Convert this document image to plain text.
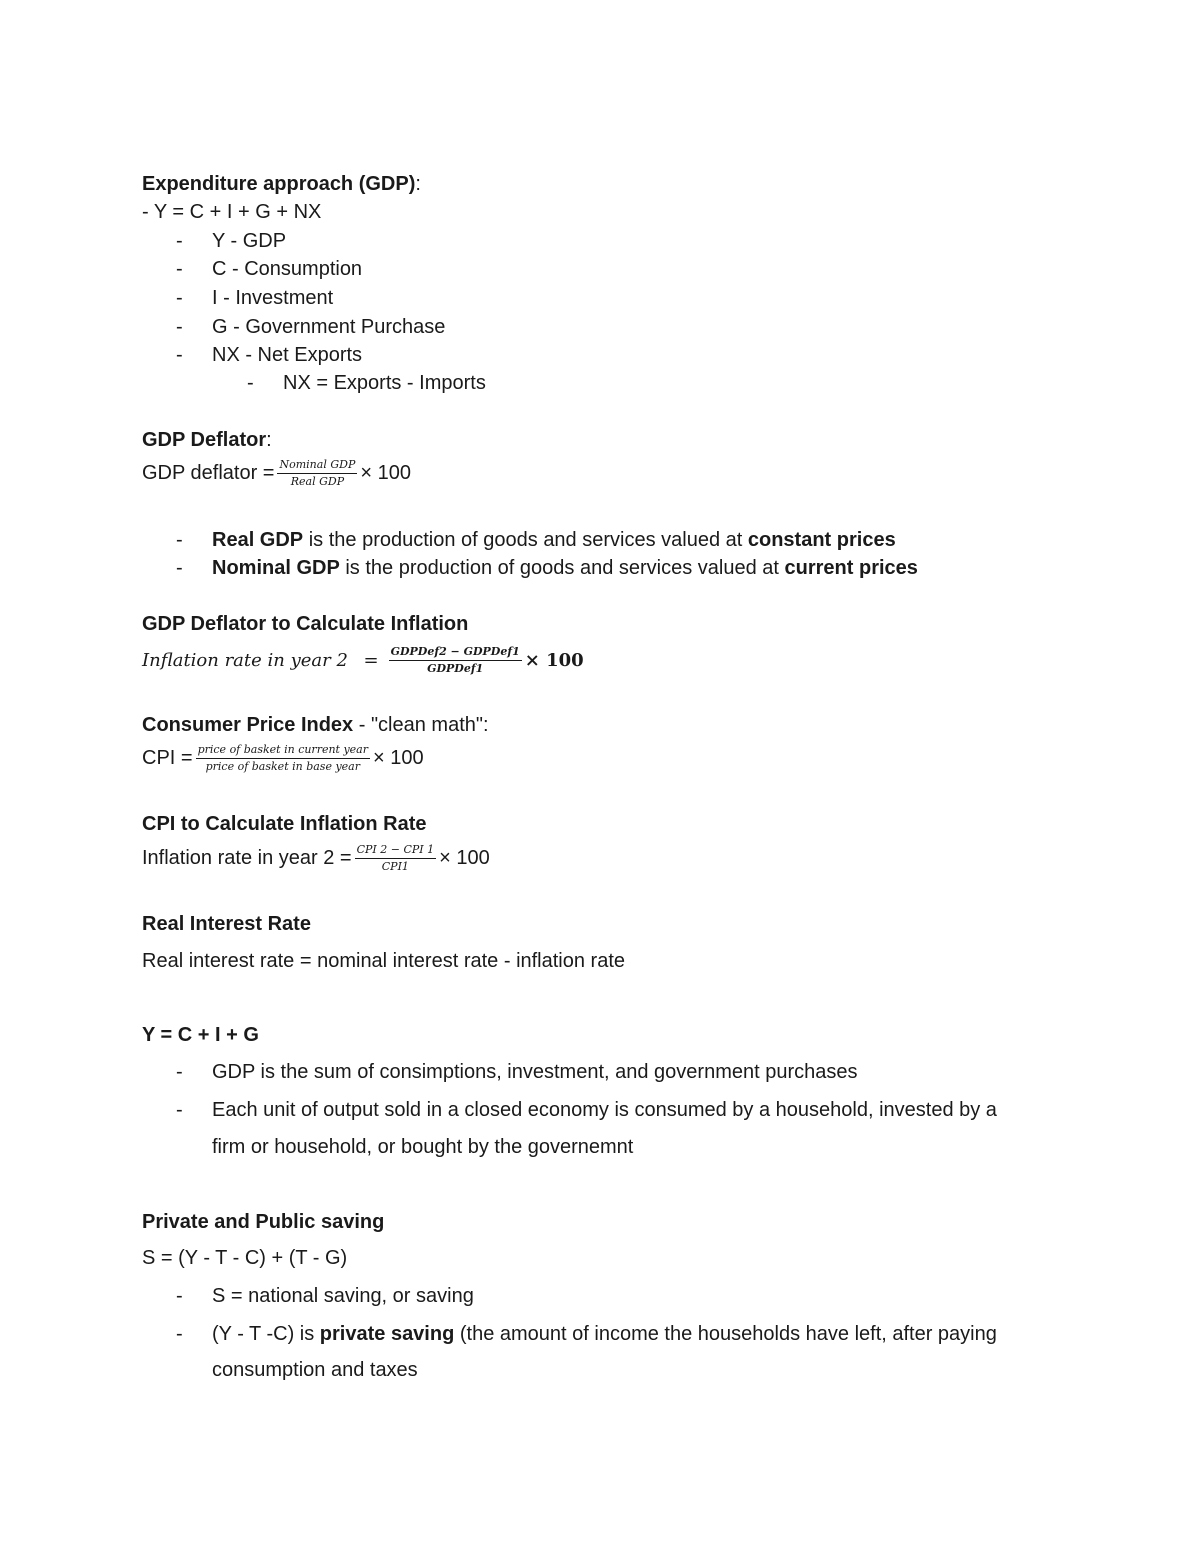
Expenditure approach (GDP):
- Y = C + I + G + NX
- Y - GDP
- C - Consumption
- I - Investment
- G - Government Purchase
- NX - Net Exports
- NX = Exports - Imports
GDP Deflator:
GDP deflator = $\frac{\text{Nominal GDP}}{\text{Real GDP}} \times 100$
- Real GDP is the production of goods and services valued at constant prices
- Nominal GDP is the production of goods and services valued at current prices
GDP Deflator to Calculate Inflation
Inflation rate in year $2 = \frac{\text{GDPDef2 − GDPDef1}}{\text{GDPDef1}} \times 100$
Consumer Price Index - "clean math":
CPI = $\frac{\text{price of basket in current year}}{\text{price of basket in base year}} \times 100$
CPI to Calculate Inflation Rate
Inflation rate in year $2 = \frac{\text{CPI 2 − CPI 1}}{\text{CPI1}} \times 100$
Real Interest Rate
Real interest rate = nominal interest rate - inflation rate
Y = C + I + G
- GDP is the sum of consimptions, investment, and government purchases
- Each unit of output sold in a closed economy is consumed by a household, invested by a
firm or household, or bought by the governemnt
Private and Public saving
S = (Y - T - C) + (T - G)
- S = national saving, or saving
- (Y - T -C) is private saving (the amount of income the households have left, after paying
consumption and taxes
